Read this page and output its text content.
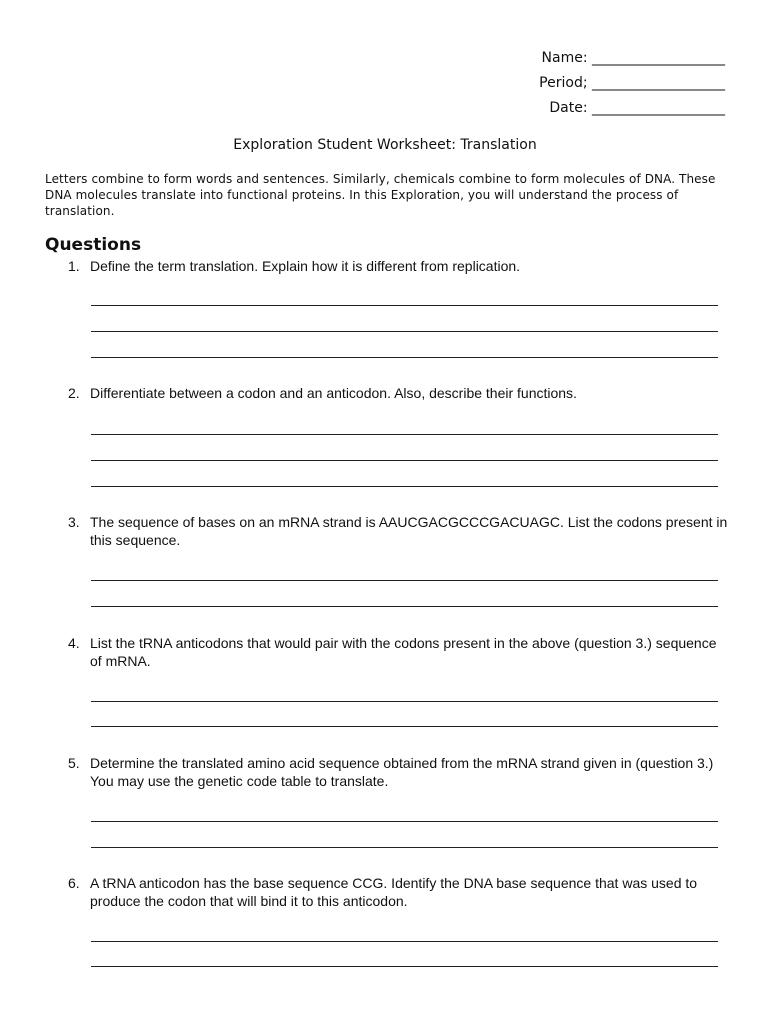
Name: ___________________
Period; ___________________
Date: ___________________
Exploration Student Worksheet: Translation
Letters combine to form words and sentences. Similarly, chemicals combine to form molecules of DNA. These DNA molecules translate into functional proteins. In this Exploration, you will understand the process of translation.
Questions
1. Define the term translation. Explain how it is different from replication.
2. Differentiate between a codon and an anticodon. Also, describe their functions.
3. The sequence of bases on an mRNA strand is AAUCGACGCCCGACUAGC. List the codons present in this sequence.
4. List the tRNA anticodons that would pair with the codons present in the above (question 3.) sequence of mRNA.
5. Determine the translated amino acid sequence obtained from the mRNA strand given in (question 3.) You may use the genetic code table to translate.
6. A tRNA anticodon has the base sequence CCG. Identify the DNA base sequence that was used to produce the codon that will bind it to this anticodon.
